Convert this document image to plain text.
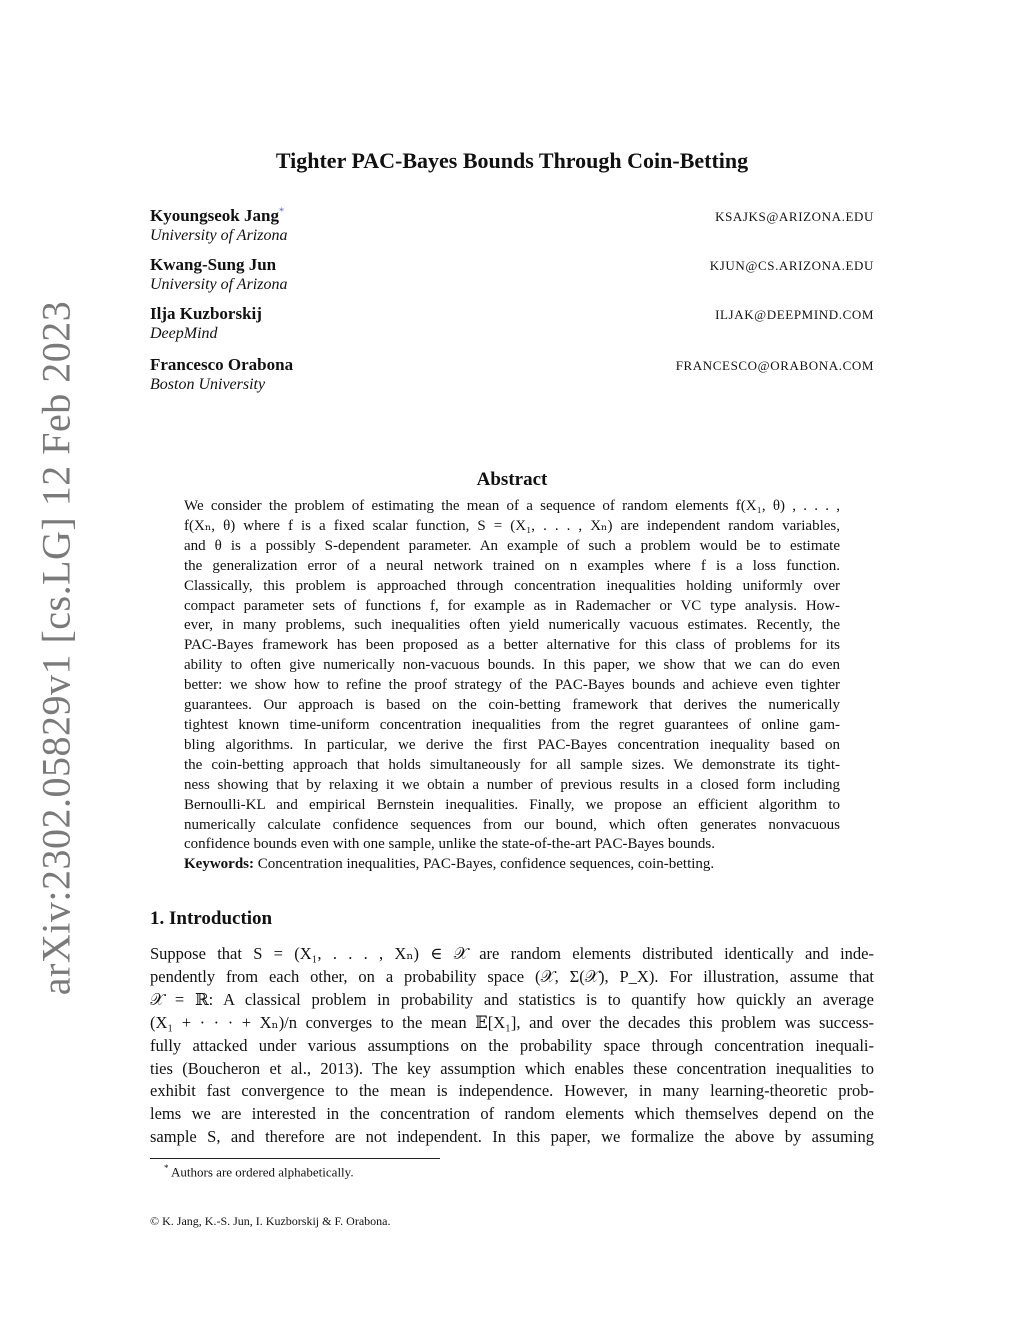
arXiv:2302.05829v1 [cs.LG] 12 Feb 2023
Tighter PAC-Bayes Bounds Through Coin-Betting
Kyoungseok Jang*
University of Arizona
KSAJKS@ARIZONA.EDU
Kwang-Sung Jun
University of Arizona
KJUN@CS.ARIZONA.EDU
Ilja Kuzborskij
DeepMind
ILJAK@DEEPMIND.COM
Francesco Orabona
Boston University
FRANCESCO@ORABONA.COM
Abstract
We consider the problem of estimating the mean of a sequence of random elements f(X₁, θ) , . . . ,
f(Xₙ, θ) where f is a fixed scalar function, S = (X₁, . . . , Xₙ) are independent random variables,
and θ is a possibly S-dependent parameter. An example of such a problem would be to estimate
the generalization error of a neural network trained on n examples where f is a loss function.
Classically, this problem is approached through concentration inequalities holding uniformly over
compact parameter sets of functions f, for example as in Rademacher or VC type analysis. How-
ever, in many problems, such inequalities often yield numerically vacuous estimates. Recently, the
PAC-Bayes framework has been proposed as a better alternative for this class of problems for its
ability to often give numerically non-vacuous bounds. In this paper, we show that we can do even
better: we show how to refine the proof strategy of the PAC-Bayes bounds and achieve even tighter
guarantees. Our approach is based on the coin-betting framework that derives the numerically
tightest known time-uniform concentration inequalities from the regret guarantees of online gam-
bling algorithms. In particular, we derive the first PAC-Bayes concentration inequality based on
the coin-betting approach that holds simultaneously for all sample sizes. We demonstrate its tight-
ness showing that by relaxing it we obtain a number of previous results in a closed form including
Bernoulli-KL and empirical Bernstein inequalities. Finally, we propose an efficient algorithm to
numerically calculate confidence sequences from our bound, which often generates nonvacuous
confidence bounds even with one sample, unlike the state-of-the-art PAC-Bayes bounds.
Keywords: Concentration inequalities, PAC-Bayes, confidence sequences, coin-betting.
1. Introduction
Suppose that S = (X₁, . . . , Xₙ) ∈ 𝒳 are random elements distributed identically and inde-
pendently from each other, on a probability space (𝒳, Σ(𝒳), P_X). For illustration, assume that
𝒳 = ℝ: A classical problem in probability and statistics is to quantify how quickly an average
(X₁ + · · · + Xₙ)/n converges to the mean 𝔼[X₁], and over the decades this problem was success-
fully attacked under various assumptions on the probability space through concentration inequali-
ties (Boucheron et al., 2013). The key assumption which enables these concentration inequalities to
exhibit fast convergence to the mean is independence. However, in many learning-theoretic prob-
lems we are interested in the concentration of random elements which themselves depend on the
sample S, and therefore are not independent. In this paper, we formalize the above by assuming
* Authors are ordered alphabetically.
© K. Jang, K.-S. Jun, I. Kuzborskij & F. Orabona.
